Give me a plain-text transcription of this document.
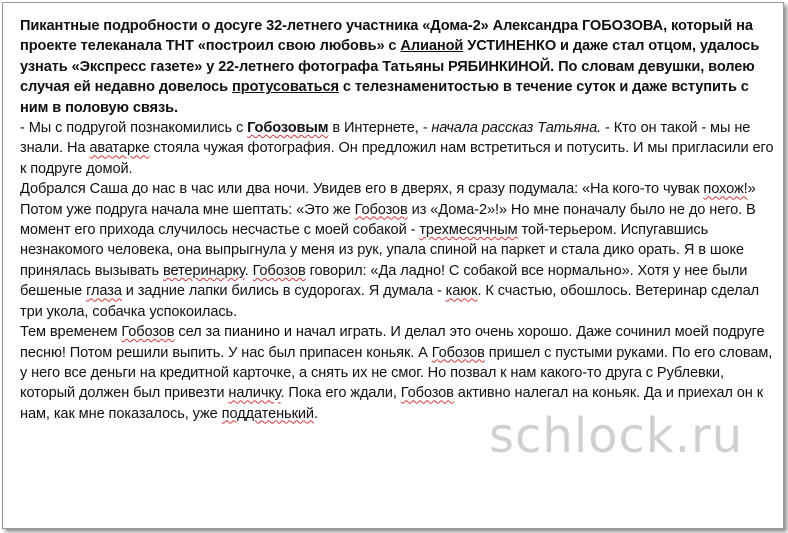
Пикантные подробности о досуге 32-летнего участника «Дома-2» Александра ГОБОЗОВА, который на проекте телеканала ТНТ «построил свою любовь» с Алианой УСТИНЕНКО и даже стал отцом, удалось узнать «Экспресс газете» у 22-летнего фотографа Татьяны РЯБИНКИНОЙ. По словам девушки, волею случая ей недавно довелось протусоваться с телезнаменитостью в течение суток и даже вступить с ним в половую связь.

- Мы с подругой познакомились с Гобозовым в Интернете, - начала рассказ Татьяна. - Кто он такой - мы не знали. На аватарке стояла чужая фотография. Он предложил нам встретиться и потусить. И мы пригласили его к подруге домой.

Добрался Саша до нас в час или два ночи. Увидев его в дверях, я сразу подумала: «На кого-то чувак похож!» Потом уже подруга начала мне шептать: «Это же Гобозов из «Дома-2»!» Но мне поначалу было не до него. В момент его прихода случилось несчастье с моей собакой - трехмесячным той-терьером. Испугавшись незнакомого человека, она выпрыгнула у меня из рук, упала спиной на паркет и стала дико орать. Я в шоке принялась вызывать ветеринарку. Гобозов говорил: «Да ладно! С собакой все нормально». Хотя у нее были бешеные глаза и задние лапки бились в судорогах. Я думала - каюк. К счастью, обошлось. Ветеринар сделал три укола, собачка успокоилась.

Тем временем Гобозов сел за пианино и начал играть. И делал это очень хорошо. Даже сочинил моей подруге песню! Потом решили выпить. У нас был припасен коньяк. А Гобозов пришел с пустыми руками. По его словам, у него все деньги на кредитной карточке, а снять их не смог. Но позвал к нам какого-то друга с Рублевки, который должен был привезти наличку. Пока его ждали, Гобозов активно налегал на коньяк. Да и приехал он к нам, как мне показалось, уже поддатенький.	schlock.ru
